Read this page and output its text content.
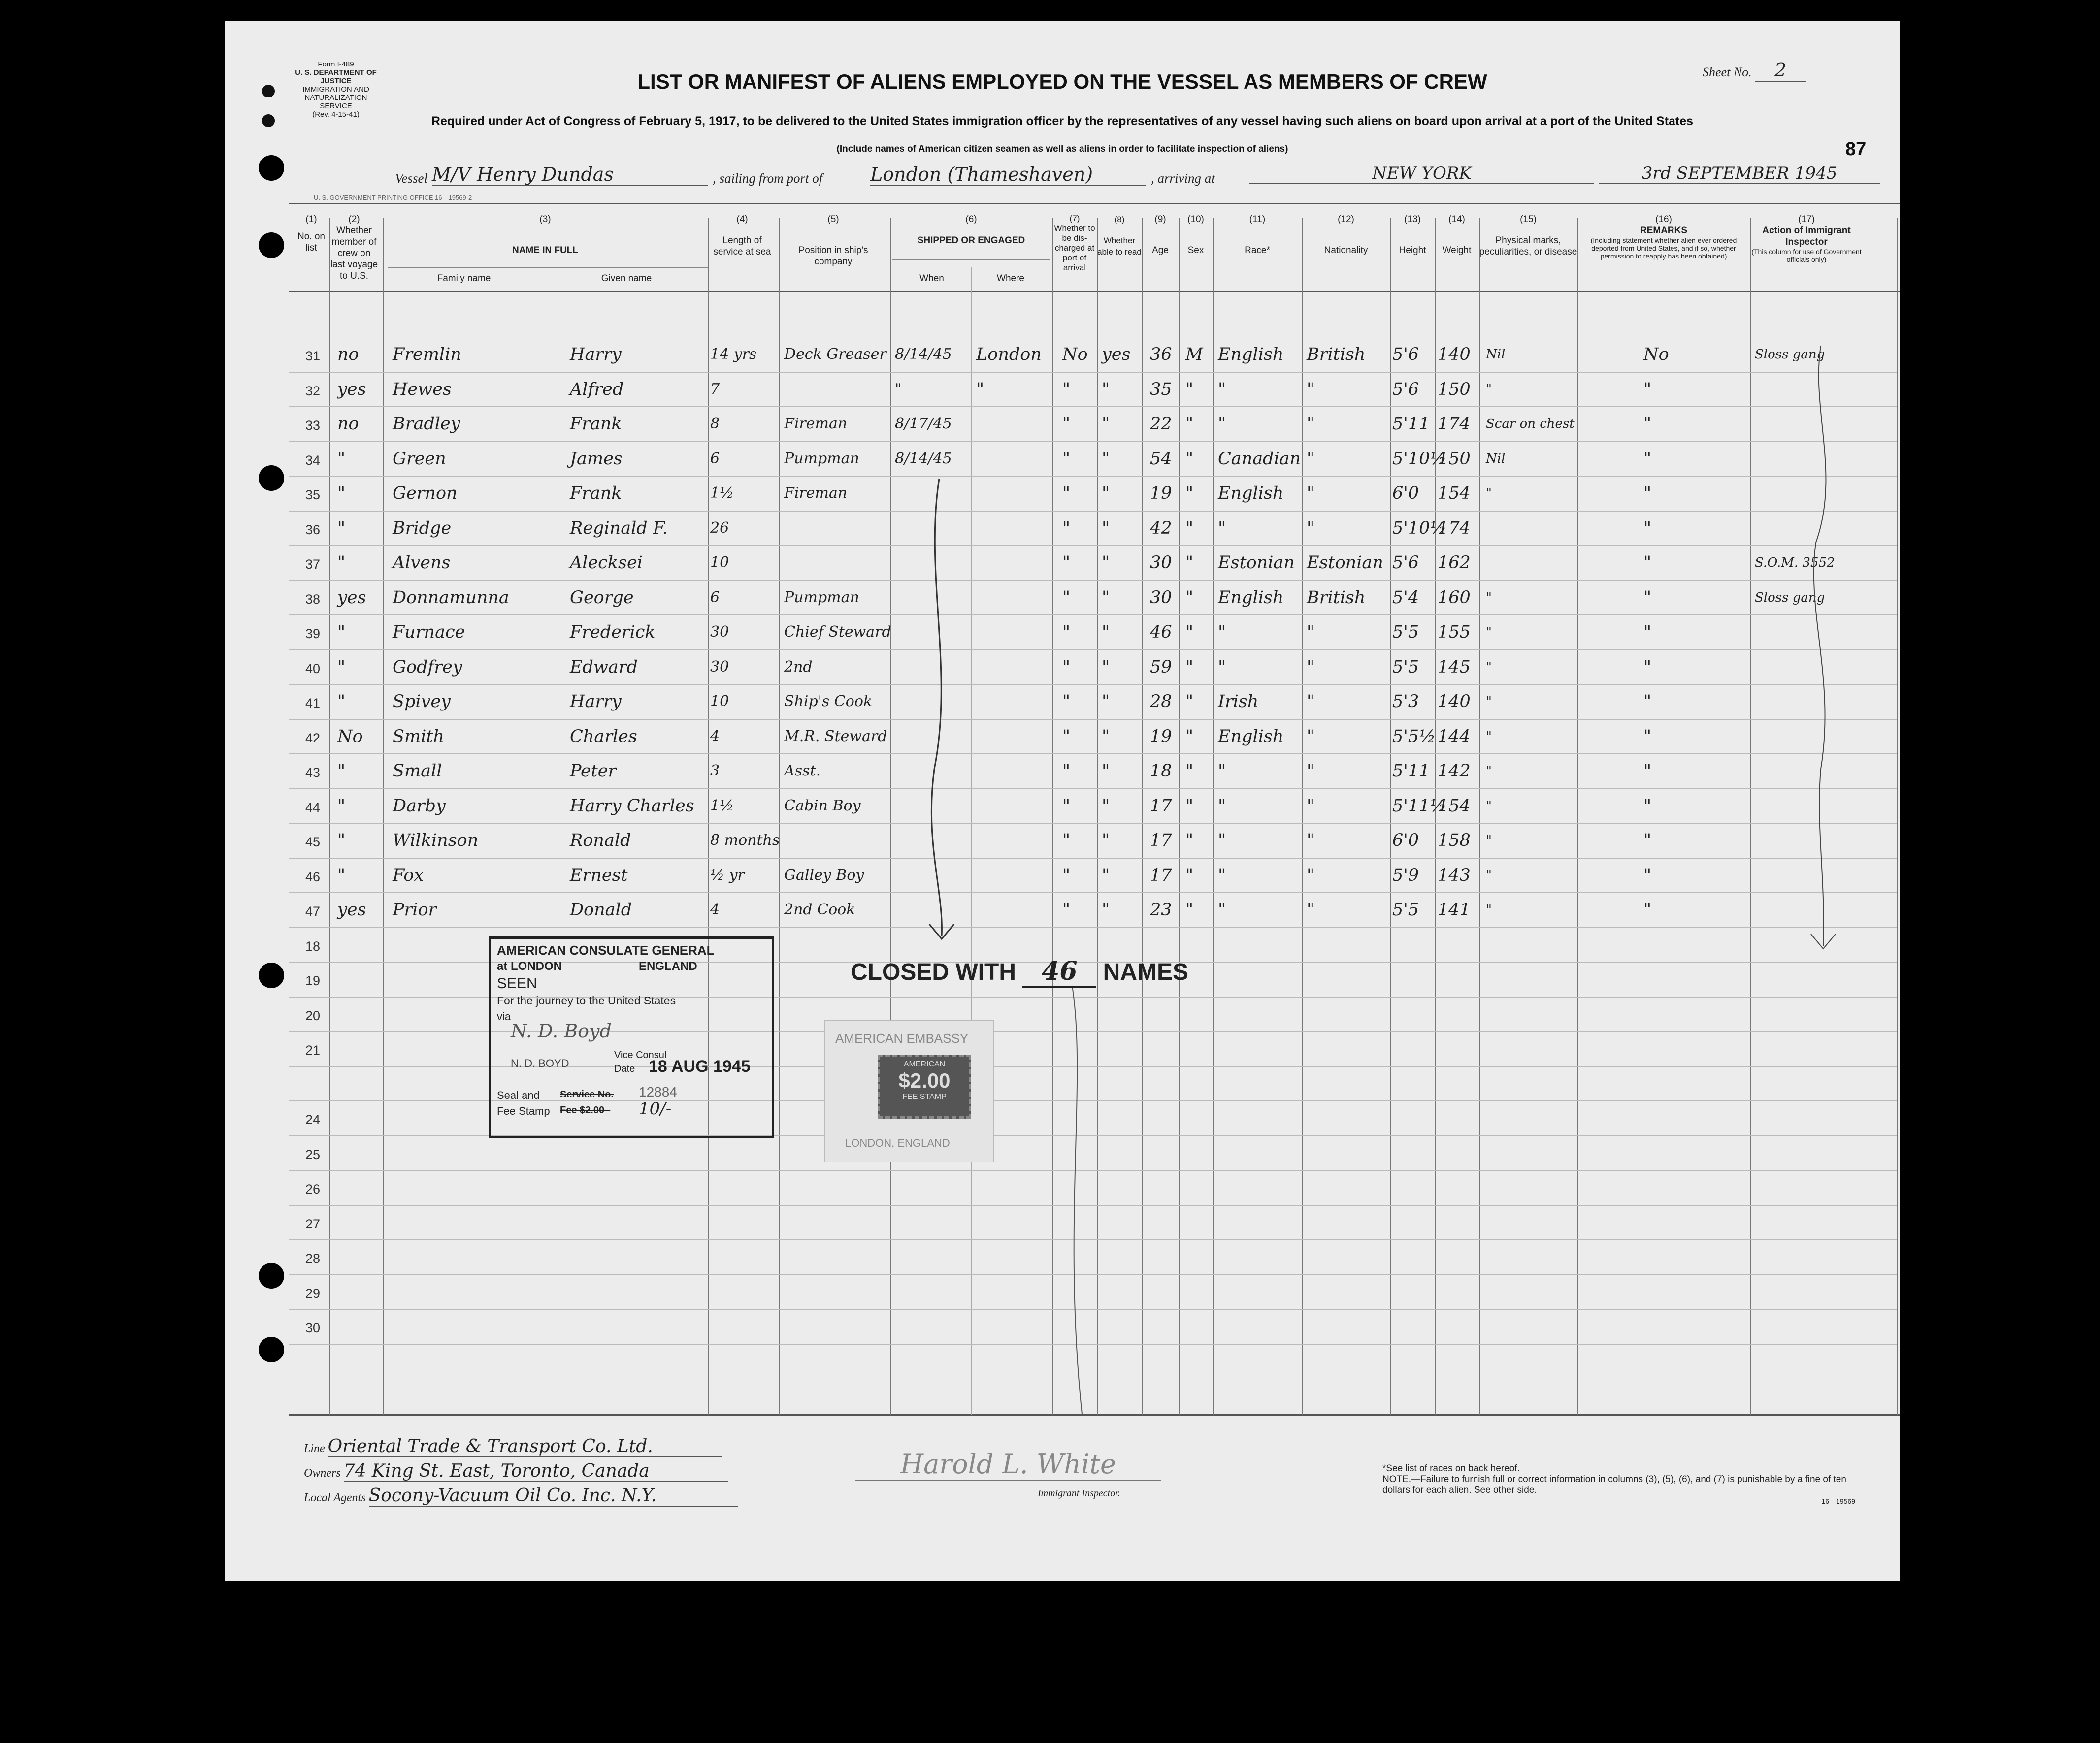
Form I-489
U. S. DEPARTMENT OF JUSTICE
IMMIGRATION AND NATURALIZATION SERVICE
(Rev. 4-15-41)
Sheet No. 2
LIST OR MANIFEST OF ALIENS EMPLOYED ON THE VESSEL AS MEMBERS OF CREW
Required under Act of Congress of February 5, 1917, to be delivered to the United States immigration officer by the representatives of any vessel having such aliens on board upon arrival at a port of the United States
(Include names of American citizen seamen as well as aliens in order to facilitate inspection of aliens)	87
Vessel M/V Henry Dundas	, sailing from port of	London (Thameshaven)	, arriving at	NEW YORK	3rd SEPTEMBER 1945
U. S. GOVERNMENT PRINTING OFFICE 16—19569-2
(1)
No. on list
(2)
Whether member of crew on last voyage to U.S.
(3)
NAME IN FULL
Family name	Given name
(4)
Length of service at sea
(5)
Position in ship's company
(6)
SHIPPED OR ENGAGED
When	Where
(7)
Whether to be dis-charged at port of arrival
(8)
Whether able to read
(9)
Age
(10)
Sex
(11)
Race*
(12)
Nationality
(13)
Height
(14)
Weight
(15)
Physical marks, peculiarities, or disease
(16)
REMARKS
(Including statement whether alien ever ordered deported from United States, and if so, whether permission to reapply has been obtained)
(17)
Action of Immigrant Inspector
(This column for use of Government officials only)
31 no Fremlin	Harry	14 yrs Deck Greaser 8/14/45 London No yes 36 M English British 5'6 140 Nil	No	Sloss gang
32 yes Hewes	Alfred	7	"	"	" " 35 " "	"	5'6 150 "	"
33 no Bradley	Frank	8	Fireman	8/17/45	" " 22 " "	"	5'11 174 Scar on chest	"
34 "	Green	James	6	Pumpman 8/14/45	" " 54 " Canadian "	5'10½
150 Nil	"
35 "	Gernon	Frank	1½	Fireman	" " 19 " English "	6'0 154 "	"
36 "	Bridge	Reginald F.	26	" " 42 " "	"	5'10½
174	"
37 "	Alvens	Alecksei	10	" " 30 " Estonian Estonian 5'6 162	"	S.O.M. 3552
38 yes Donnamunna	George	6	Pumpman	" " 30 " English British 5'4 160 "	"	Sloss gang
39 "	Furnace	Frederick	30	Chief Steward	" " 46 " "	"	5'5 155 "	"
40 "	Godfrey	Edward	30	2nd	" " 59 " "	"	5'5 145 "	"
41 "	Spivey	Harry	10	Ship's Cook	" " 28 " Irish	"	5'3 140 "	"
42 No Smith	Charles	4	M.R. Steward	" " 19 " English "	5'5½ 144 "	"
43 "	Small	Peter	3	Asst.	" " 18 " "	"	5'11 142 "	"
44 "	Darby	Harry Charles 1½	Cabin Boy	" " 17 " "	"	5'11½
154 "	"
45 "	Wilkinson	Ronald	8 months	" " 17 " "	"	6'0 158 "	"
46 "	Fox	Ernest	½ yr	Galley Boy	" " 17 " "	"	5'9 143 "	"
47 yes Prior	Donald	4	2nd Cook	" " 23 " "	"	5'5 141 "	"
18
19
20
21
24
25
26
27
28
29
30
AMERICAN CONSULATE GENERAL
at LONDON	ENGLAND
SEEN
For the journey to the United States
via
N. D. Boyd
N. D. BOYD
Vice Consul
Date 18 AUG 1945
Seal and Service No. 12884
Fee Stamp Fee $2.00 - 10/-
AMERICAN EMBASSY
LONDON, ENGLAND
AMERICAN
$2.00
FEE STAMP
CLOSED WITH 46 NAMES
Line Oriental Trade & Transport Co. Ltd.
Owners 74 King St. East, Toronto, Canada
Local Agents Socony-Vacuum Oil Co. Inc. N.Y.
Harold L. White
Immigrant Inspector.
*See list of races on back hereof.
NOTE.—Failure to furnish full or correct information in columns (3), (5), (6), and (7) is punishable by a fine of ten dollars for each alien. See other side.
16—19569
